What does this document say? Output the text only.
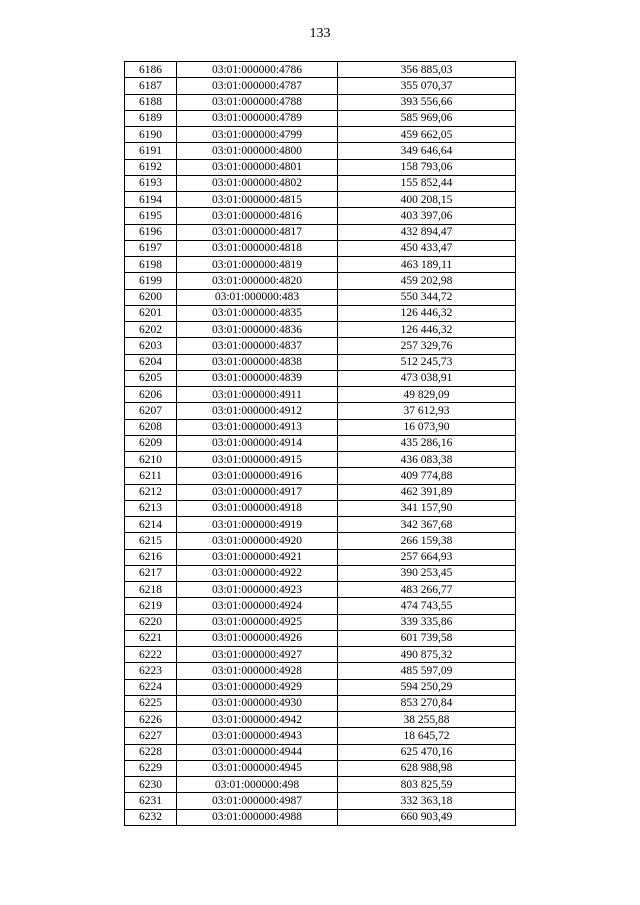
133
6186	03:01:000000:4786	356 885,03
6187	03:01:000000:4787	355 070,37
6188	03:01:000000:4788	393 556,66
6189	03:01:000000:4789	585 969,06
6190	03:01:000000:4799	459 662,05
6191	03:01:000000:4800	349 646,64
6192	03:01:000000:4801	158 793,06
6193	03:01:000000:4802	155 852,44
6194	03:01:000000:4815	400 208,15
6195	03:01:000000:4816	403 397,06
6196	03:01:000000:4817	432 894,47
6197	03:01:000000:4818	450 433,47
6198	03:01:000000:4819	463 189,11
6199	03:01:000000:4820	459 202,98
6200	03:01:000000:483	550 344,72
6201	03:01:000000:4835	126 446,32
6202	03:01:000000:4836	126 446,32
6203	03:01:000000:4837	257 329,76
6204	03:01:000000:4838	512 245,73
6205	03:01:000000:4839	473 038,91
6206	03:01:000000:4911	49 829,09
6207	03:01:000000:4912	37 612,93
6208	03:01:000000:4913	16 073,90
6209	03:01:000000:4914	435 286,16
6210	03:01:000000:4915	436 083,38
6211	03:01:000000:4916	409 774,88
6212	03:01:000000:4917	462 391,89
6213	03:01:000000:4918	341 157,90
6214	03:01:000000:4919	342 367,68
6215	03:01:000000:4920	266 159,38
6216	03:01:000000:4921	257 664,93
6217	03:01:000000:4922	390 253,45
6218	03:01:000000:4923	483 266,77
6219	03:01:000000:4924	474 743,55
6220	03:01:000000:4925	339 335,86
6221	03:01:000000:4926	601 739,58
6222	03:01:000000:4927	490 875,32
6223	03:01:000000:4928	485 597,09
6224	03:01:000000:4929	594 250,29
6225	03:01:000000:4930	853 270,84
6226	03:01:000000:4942	38 255,88
6227	03:01:000000:4943	18 645,72
6228	03:01:000000:4944	625 470,16
6229	03:01:000000:4945	628 988,98
6230	03:01:000000:498	803 825,59
6231	03:01:000000:4987	332 363,18
6232	03:01:000000:4988	660 903,49
